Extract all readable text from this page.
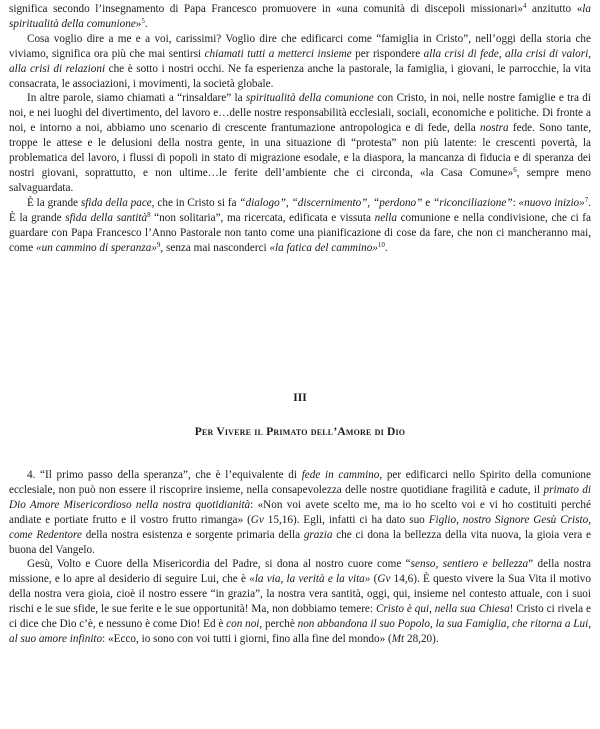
significa secondo l’insegnamento di Papa Francesco promuovere in «una comunità di discepoli missionari»$^4$ anzitutto «la spiritualità della comunione»$^5$.

Cosa voglio dire a me e a voi, carissimi? Voglio dire che edificarci come “famiglia in Cristo”, nell’oggi della storia che viviamo, significa ora più che mai sentirsi chiamati tutti a metterci insieme per rispondere alla crisi di fede, alla crisi di valori, alla crisi di relazioni che è sotto i nostri occhi. Ne fa esperienza anche la pastorale, la famiglia, i giovani, le parrocchie, la vita consacrata, le associazioni, i movimenti, la società globale.

In altre parole, siamo chiamati a “rinsaldare” la spiritualità della comunione con Cristo, in noi, nelle nostre famiglie e tra di noi, e nei luoghi del divertimento, del lavoro e…delle nostre responsabilità ecclesiali, sociali, economiche e politiche. Di fronte a noi, e intorno a noi, abbiamo uno scenario di crescente frantumazione antropologica e di fede, della nostra fede. Sono tante, troppe le attese e le delusioni della nostra gente, in una situazione di “protesta” non più latente: le crescenti povertà, la problematica del lavoro, i flussi di popoli in stato di migrazione esodale, e la diaspora, la mancanza di fiducia e di speranza dei nostri giovani, soprattutto, e non ultime…le ferite dell’ambiente che ci circonda, «la Casa Comune»$^6$, sempre meno salvaguardata.

È la grande sfida della pace, che in Cristo si fa “dialogo”, “discernimento”, “perdono” e “riconciliazione”: «nuovo inizio»$^7$. È la grande sfida della santità$^8$ “non solitaria”, ma ricercata, edificata e vissuta nella comunione e nella condivisione, che ci fa guardare con Papa Francesco l’Anno Pastorale non tanto come una pianificazione di cose da fare, che non ci mancheranno mai, come «un cammino di speranza»$^9$, senza mai nasconderci «la fatica del cammino»$^{10}$.

III

Per Vivere il Primato dell’Amore di Dio

4. “Il primo passo della speranza”, che è l’equivalente di fede in cammino, per edificarci nello Spirito della comunione ecclesiale, non può non essere il riscoprire insieme, nella consapevolezza delle nostre quotidiane fragilità e cadute, il primato di Dio Amore Misericordioso nella nostra quotidianità: «Non voi avete scelto me, ma io ho scelto voi e vi ho costituiti perché andiate e portiate frutto e il vostro frutto rimanga» (Gv 15,16). Egli, infatti ci ha dato suo Figlio, nostro Signore Gesù Cristo, come Redentore della nostra esistenza e sorgente primaria della grazia che ci dona la bellezza della vita nuova, la gioia vera e buona del Vangelo.

Gesù, Volto e Cuore della Misericordia del Padre, si dona al nostro cuore come “senso, sentiero e bellezza” della nostra missione, e lo apre al desiderio di seguire Lui, che è «la via, la verità e la vita» (Gv 14,6). È questo vivere la Sua Vita il motivo della nostra vera gioia, cioè il nostro essere “in grazia”, la nostra vera santità, oggi, qui, insieme nel contesto attuale, con i suoi rischi e le sue sfide, le sue ferite e le sue opportunità! Ma, non dobbiamo temere: Cristo è qui, nella sua Chiesa! Cristo ci rivela e ci dice che Dio c’è, e nessuno è come Dio! Ed è con noi, perchè non abbandona il suo Popolo, la sua Famiglia, che ritorna a Lui, al suo amore infinito: «Ecco, io sono con voi tutti i giorni, fino alla fine del mondo» (Mt 28,20).
